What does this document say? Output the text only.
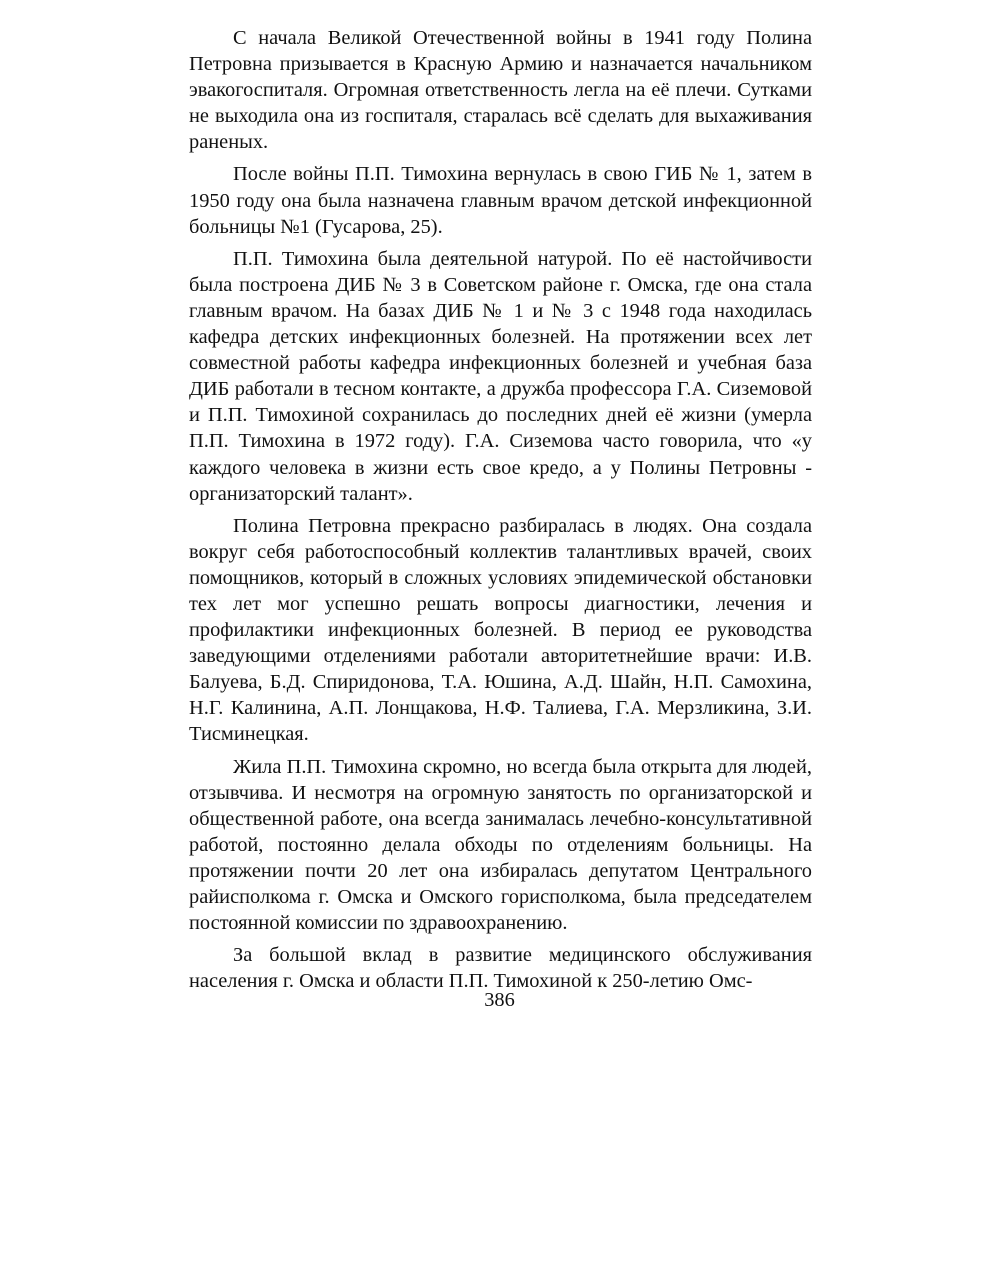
С начала Великой Отечественной войны в 1941 году Полина Петровна призывается в Красную Армию и назначается начальником эвакогоспиталя. Огромная ответственность легла на её плечи. Сутками не выходила она из госпиталя, старалась всё сделать для выхаживания раненых.

После войны П.П. Тимохина вернулась в свою ГИБ № 1, затем в 1950 году она была назначена главным врачом детской инфекционной больницы №1 (Гусарова, 25).

П.П. Тимохина была деятельной натурой. По её настойчивости была построена ДИБ № 3 в Советском районе г. Омска, где она стала главным врачом. На базах ДИБ № 1 и № 3 с 1948 года находилась кафедра детских инфекционных болезней. На протяжении всех лет совместной работы кафедра инфекционных болезней и учебная база ДИБ работали в тесном контакте, а дружба профессора Г.А. Сиземовой и П.П. Тимохиной сохранилась до последних дней её жизни (умерла П.П. Тимохина в 1972 году). Г.А. Сиземова часто говорила, что «у каждого человека в жизни есть свое кредо, а у Полины Петровны - организаторский талант».

Полина Петровна прекрасно разбиралась в людях. Она создала вокруг себя работоспособный коллектив талантливых врачей, своих помощников, который в сложных условиях эпидемической обстановки тех лет мог успешно решать вопросы диагностики, лечения и профилактики инфекционных болезней. В период ее руководства заведующими отделениями работали авторитетнейшие врачи: И.В. Балуева, Б.Д. Спиридонова, Т.А. Юшина, А.Д. Шайн, Н.П. Самохина, Н.Г. Калинина, А.П. Лонщакова, Н.Ф. Талиева, Г.А. Мерзликина, З.И. Тисминецкая.

Жила П.П. Тимохина скромно, но всегда была открыта для людей, отзывчива. И несмотря на огромную занятость по организаторской и общественной работе, она всегда занималась лечебно-консультативной работой, постоянно делала обходы по отделениям больницы. На протяжении почти 20 лет она избиралась депутатом Центрального райисполкома г. Омска и Омского горисполкома, была председателем постоянной комиссии по здравоохранению.

За большой вклад в развитие медицинского обслуживания населения г. Омска и области П.П. Тимохиной к 250-летию Омс-

386
